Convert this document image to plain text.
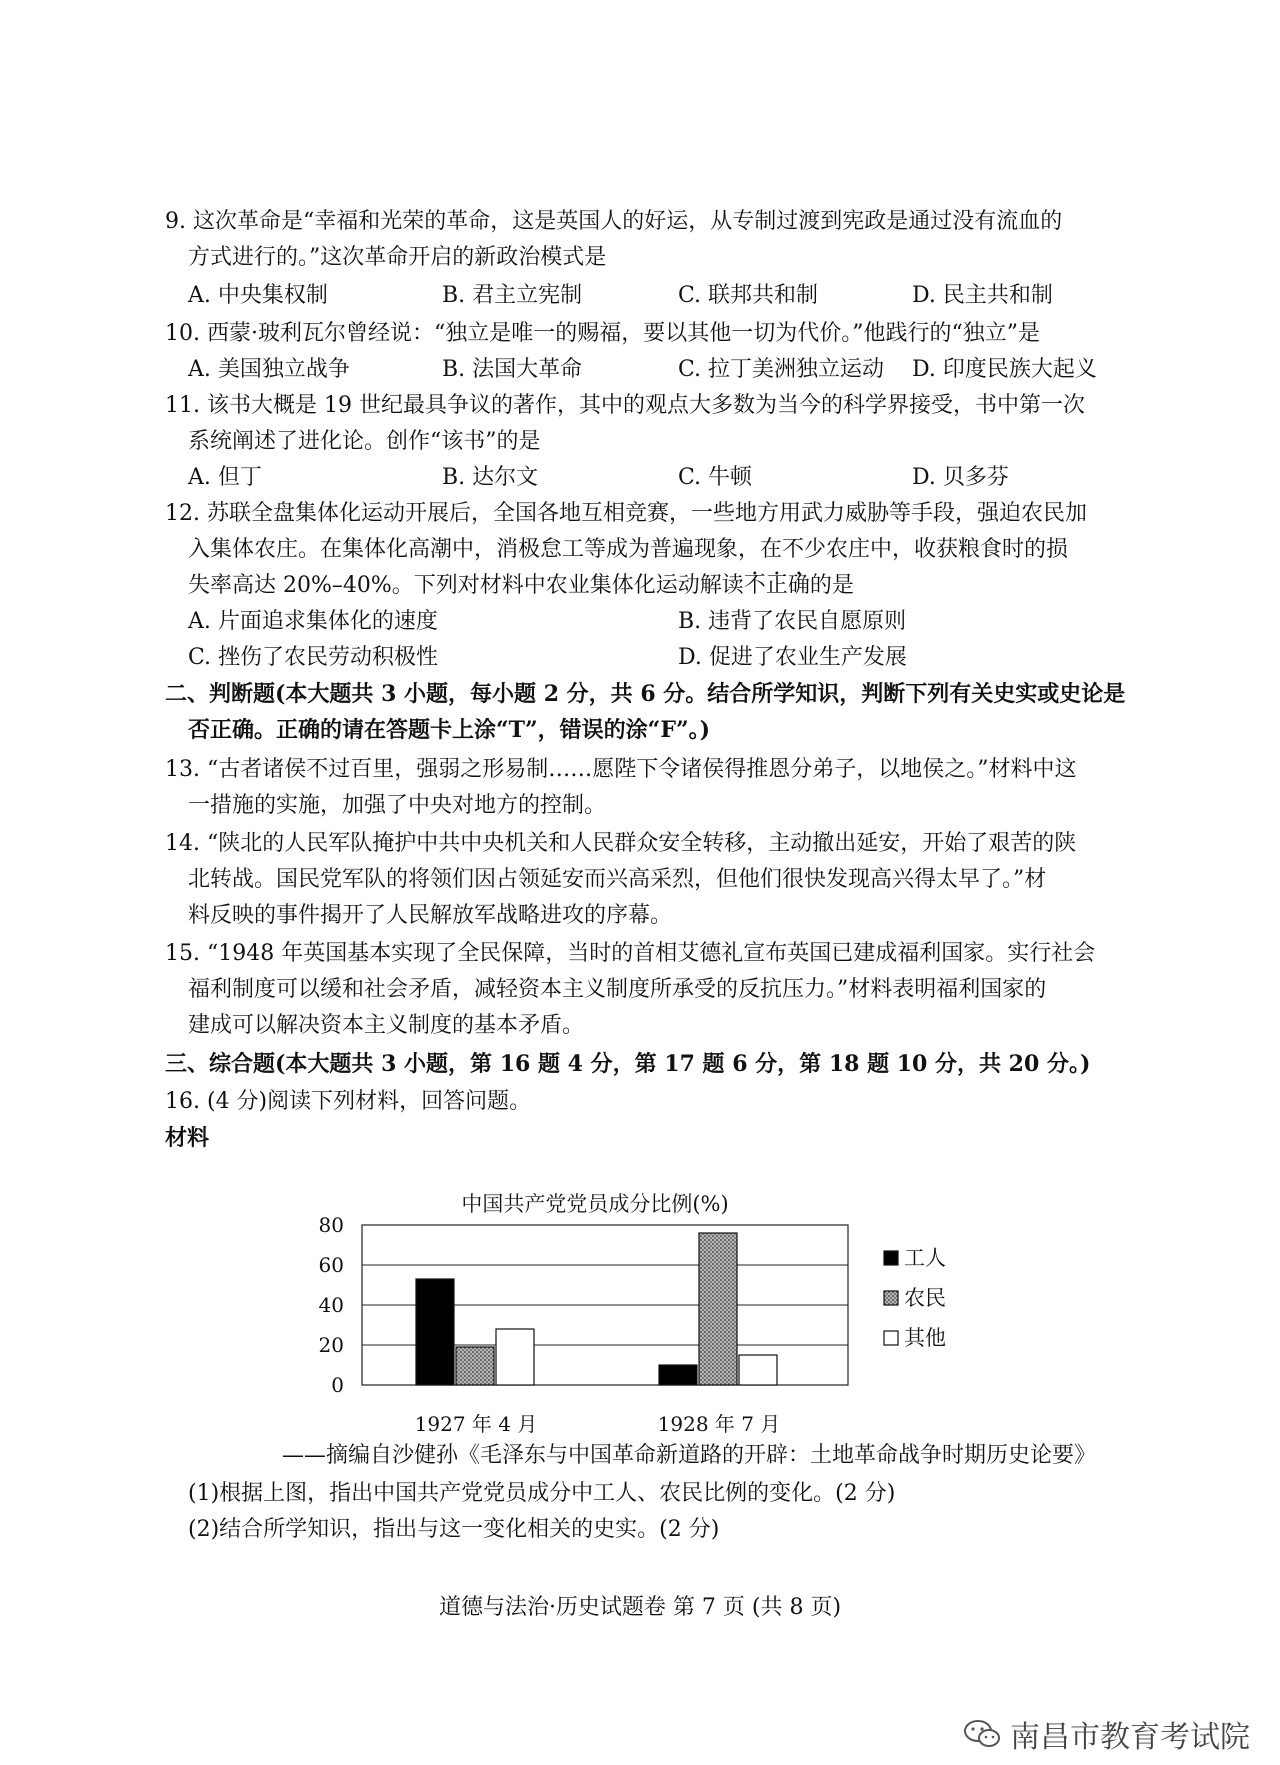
9. 这次革命是“幸福和光荣的革命，这是英国人的好运，从专制过渡到宪政是通过没有流血的
方式进行的。”这次革命开启的新政治模式是
A. 中央集权制	B. 君主立宪制	C. 联邦共和制	D. 民主共和制
10. 西蒙·玻利瓦尔曾经说：“独立是唯一的赐福，要以其他一切为代价。”他践行的“独立”是
A. 美国独立战争	B. 法国大革命	C. 拉丁美洲独立运动 D. 印度民族大起义
11. 该书大概是 19 世纪最具争议的著作，其中的观点大多数为当今的科学界接受，书中第一次
系统阐述了进化论。创作“该书”的是
A. 但丁	B. 达尔文	C. 牛顿	D. 贝多芬
12. 苏联全盘集体化运动开展后，全国各地互相竞赛，一些地方用武力威胁等手段，强迫农民加
入集体农庄。在集体化高潮中，消极怠工等成为普遍现象，在不少农庄中，收获粮食时的损
失率高达 20%–40%。下列对材料中农业集体化运动解读不正确的是
A. 片面追求集体化的速度	B. 违背了农民自愿原则
C. 挫伤了农民劳动积极性	D. 促进了农业生产发展
二、判断题(本大题共 3 小题，每小题 2 分，共 6 分。结合所学知识，判断下列有关史实或史论是
否正确。正确的请在答题卡上涂“T”，错误的涂“F”。)
13. “古者诸侯不过百里，强弱之形易制……愿陛下令诸侯得推恩分弟子，以地侯之。”材料中这
一措施的实施，加强了中央对地方的控制。
14. “陕北的人民军队掩护中共中央机关和人民群众安全转移，主动撤出延安，开始了艰苦的陕
北转战。国民党军队的将领们因占领延安而兴高采烈，但他们很快发现高兴得太早了。”材
料反映的事件揭开了人民解放军战略进攻的序幕。
15. “1948 年英国基本实现了全民保障，当时的首相艾德礼宣布英国已建成福利国家。实行社会
福利制度可以缓和社会矛盾，减轻资本主义制度所承受的反抗压力。”材料表明福利国家的
建成可以解决资本主义制度的基本矛盾。
三、综合题(本大题共 3 小题，第 16 题 4 分，第 17 题 6 分，第 18 题 10 分，共 20 分。)
16. (4 分)阅读下列材料，回答问题。
材料
中国共产党党员成分比例(%)
0
20
40
60
80
1927 年 4 月	1928 年 7 月
工人
农民
其他
——摘编自沙健孙《毛泽东与中国革命新道路的开辟：土地革命战争时期历史论要》
(1)根据上图，指出中国共产党党员成分中工人、农民比例的变化。(2 分)
(2)结合所学知识，指出与这一变化相关的史实。(2 分)
道德与法治·历史试题卷 第 7 页 (共 8 页)
南昌市教育考试院
